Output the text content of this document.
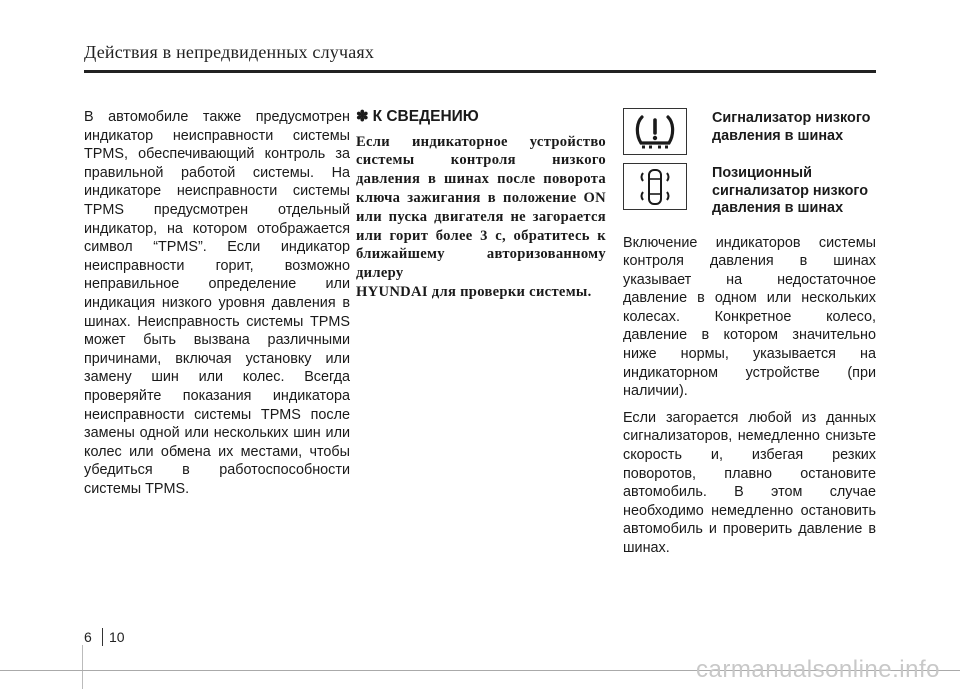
Действия в непредвиденных случаях

В автомобиле также предусмотрен индикатор неисправности системы TPMS, обеспечивающий контроль за правильной работой системы. На индикаторе неисправности системы TPMS предусмотрен отдельный индикатор, на котором отображается символ “TPMS”. Если индикатор неисправности горит, возможно неправильное определение или индикация низкого уровня давления в шинах. Неисправность системы TPMS может быть вызвана различными причинами, включая установку или замену шин или колес. Всегда проверяйте показания индикатора неисправности системы TPMS после замены одной или нескольких шин или колес или обмена их местами, чтобы убедиться в работоспособности системы TPMS.

✽ К СВЕДЕНИЮ
Если индикаторное устройство системы контроля низкого давления в шинах после поворота ключа зажигания в положение ON или пуска двигателя не загорается или горит более 3 с, обратитесь к ближайшему авторизованному дилеру
HYUNDAI для проверки системы.
Сигнализатор низкого давления в шинах
Позиционный сигнализатор низкого давления в шинах

Включение индикаторов системы контроля давления в шинах указывает на недостаточное давление в одном или нескольких колесах. Конкретное колесо, давление в котором значительно ниже нормы, указывается на индикаторном устройстве (при наличии).

Если загорается любой из данных сигнализаторов, немедленно снизьте скорость и, избегая резких поворотов, плавно остановите автомобиль. В этом случае необходимо немедленно остановить автомобиль и проверить давление в шинах.

6	10
carmanualsonline.info
